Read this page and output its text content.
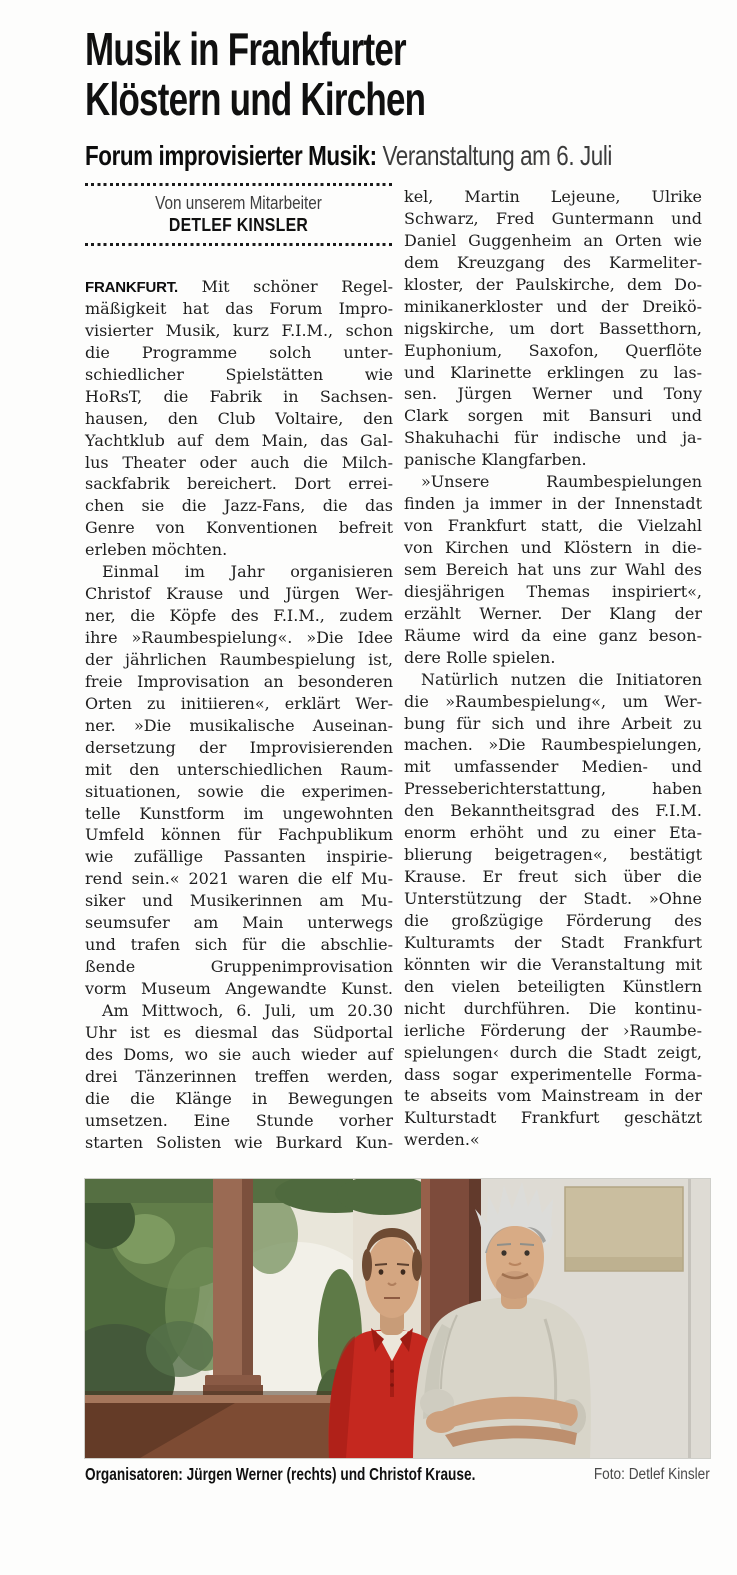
Musik in Frankfurter
Klöstern und Kirchen
Forum improvisierter Musik: Veranstaltung am 6. Juli
Von unserem Mitarbeiter
DETLEF KINSLER
FRANKFURT. Mit schöner Regel-
mäßigkeit hat das Forum Impro-
visierter Musik, kurz F.I.M., schon
die Programme solch unter-
schiedlicher Spielstätten wie
HoRsT, die Fabrik in Sachsen-
hausen, den Club Voltaire, den
Yachtklub auf dem Main, das Gal-
lus Theater oder auch die Milch-
sackfabrik bereichert. Dort errei-
chen sie die Jazz-Fans, die das
Genre von Konventionen befreit
erleben möchten.
Einmal im Jahr organisieren
Christof Krause und Jürgen Wer-
ner, die Köpfe des F.I.M., zudem
ihre »Raumbespielung«. »Die Idee
der jährlichen Raumbespielung ist,
freie Improvisation an besonderen
Orten zu initiieren«, erklärt Wer-
ner. »Die musikalische Auseinan-
dersetzung der Improvisierenden
mit den unterschiedlichen Raum-
situationen, sowie die experimen-
telle Kunstform im ungewohnten
Umfeld können für Fachpublikum
wie zufällige Passanten inspirie-
rend sein.« 2021 waren die elf Mu-
siker und Musikerinnen am Mu-
seumsufer am Main unterwegs
und trafen sich für die abschlie-
ßende Gruppenimprovisation
vorm Museum Angewandte Kunst.
Am Mittwoch, 6. Juli, um 20.30
Uhr ist es diesmal das Südportal
des Doms, wo sie auch wieder auf
drei Tänzerinnen treffen werden,
die die Klänge in Bewegungen
umsetzen. Eine Stunde vorher
starten Solisten wie Burkard Kun-
kel, Martin Lejeune, Ulrike
Schwarz, Fred Guntermann und
Daniel Guggenheim an Orten wie
dem Kreuzgang des Karmeliter-
kloster, der Paulskirche, dem Do-
minikanerkloster und der Dreikö-
nigskirche, um dort Bassetthorn,
Euphonium, Saxofon, Querflöte
und Klarinette erklingen zu las-
sen. Jürgen Werner und Tony
Clark sorgen mit Bansuri und
Shakuhachi für indische und ja-
panische Klangfarben.
»Unsere Raumbespielungen
finden ja immer in der Innenstadt
von Frankfurt statt, die Vielzahl
von Kirchen und Klöstern in die-
sem Bereich hat uns zur Wahl des
diesjährigen Themas inspiriert«,
erzählt Werner. Der Klang der
Räume wird da eine ganz beson-
dere Rolle spielen.
Natürlich nutzen die Initiatoren
die »Raumbespielung«, um Wer-
bung für sich und ihre Arbeit zu
machen. »Die Raumbespielungen,
mit umfassender Medien- und
Presseberichterstattung, haben
den Bekanntheitsgrad des F.I.M.
enorm erhöht und zu einer Eta-
blierung beigetragen«, bestätigt
Krause. Er freut sich über die
Unterstützung der Stadt. »Ohne
die großzügige Förderung des
Kulturamts der Stadt Frankfurt
könnten wir die Veranstaltung mit
den vielen beteiligten Künstlern
nicht durchführen. Die kontinu-
ierliche Förderung der ›Raumbe-
spielungen‹ durch die Stadt zeigt,
dass sogar experimentelle Forma-
te abseits vom Mainstream in der
Kulturstadt Frankfurt geschätzt
werden.«
Organisatoren: Jürgen Werner (rechts) und Christof Krause.	Foto: Detlef Kinsler
